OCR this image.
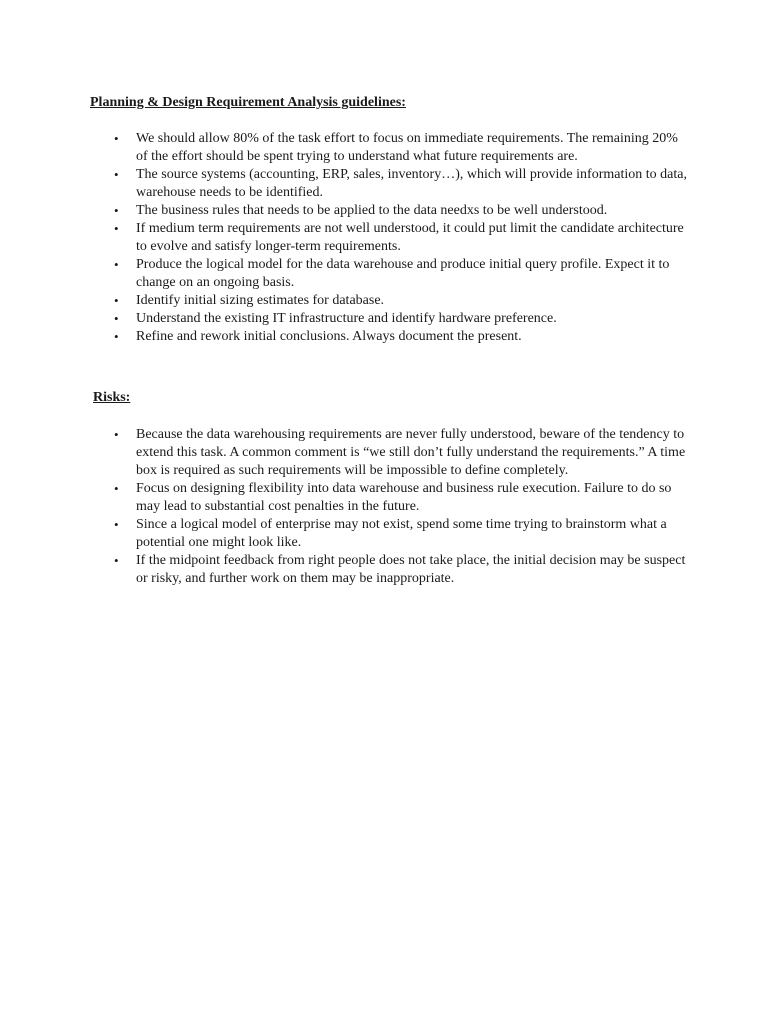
Planning & Design Requirement Analysis guidelines:
• We should allow 80% of the task effort to focus on immediate requirements. The remaining 20% of the effort should be spent trying to understand what future requirements are.
• The source systems (accounting, ERP, sales, inventory…), which will provide information to data, warehouse needs to be identified.
• The business rules that needs to be applied to the data needxs to be well understood.
• If medium term requirements are not well understood, it could put limit the candidate architecture to evolve and satisfy longer-term requirements.
• Produce the logical model for the data warehouse and produce initial query profile. Expect it to change on an ongoing basis.
• Identify initial sizing estimates for database.
• Understand the existing IT infrastructure and identify hardware preference.
• Refine and rework initial conclusions. Always document the present.
Risks:
• Because the data warehousing requirements are never fully understood, beware of the tendency to extend this task. A common comment is “we still don’t fully understand the requirements.” A time box is required as such requirements will be impossible to define completely.
• Focus on designing flexibility into data warehouse and business rule execution. Failure to do so may lead to substantial cost penalties in the future.
• Since a logical model of enterprise may not exist, spend some time trying to brainstorm what a potential one might look like.
• If the midpoint feedback from right people does not take place, the initial decision may be suspect or risky, and further work on them may be inappropriate.
